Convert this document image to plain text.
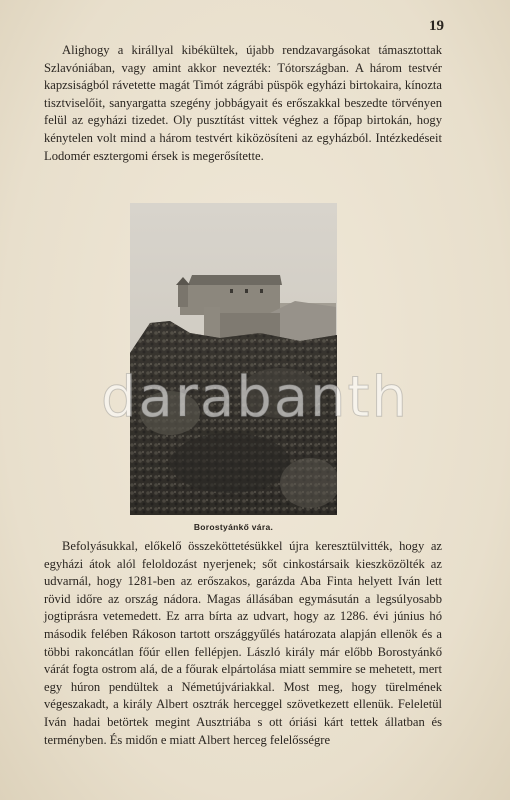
19

Alighogy a királlyal kibékültek, újabb rendzavargásokat támasztottak Szlavóniában, vagy amint akkor nevezték: Tótországban. A három testvér kapzsiságból rávetette magát Timót zágrábi püspök egyházi birtokaira, kínozta tisztviselőit, sanyargatta szegény jobbágyait és erőszakkal beszedte törvényen felül az egyházi tizedet. Oly pusztítást vittek véghez a főpap birtokán, hogy kénytelen volt mind a három testvért kiközösíteni az egyházból. Intézkedéseit Lodomér esztergomi érsek is megerősítette.

Borostyánkő vára.

Befolyásukkal, előkelő összeköttetésükkel újra keresztülvitték, hogy az egyházi átok alól feloldozást nyerjenek; sőt cinkostársaik kieszközölték az udvarnál, hogy 1281-ben az erőszakos, garázda Aba Finta helyett Iván lett rövid időre az ország nádora. Magas állásában egymásután a legsúlyosabb jogtiprásra vetemedett. Ez arra bírta az udvart, hogy az 1286. évi június hó második felében Rákoson tartott országgyűlés határozata alapján ellenök és a többi rakoncátlan főúr ellen fellépjen. László király már előbb Borostyánkő várát fogta ostrom alá, de a főurak elpártolása miatt semmire se mehetett, mert egy húron pendültek a Németújváriakkal. Most meg, hogy türelmének végeszakadt, a király Albert osztrák herceggel szövetkezett ellenük. Feleletül Iván hadai betörtek megint Ausztriába s ott óriási kárt tettek állatban és terményben. És midőn e miatt Albert herceg felelősségre

darabanth
